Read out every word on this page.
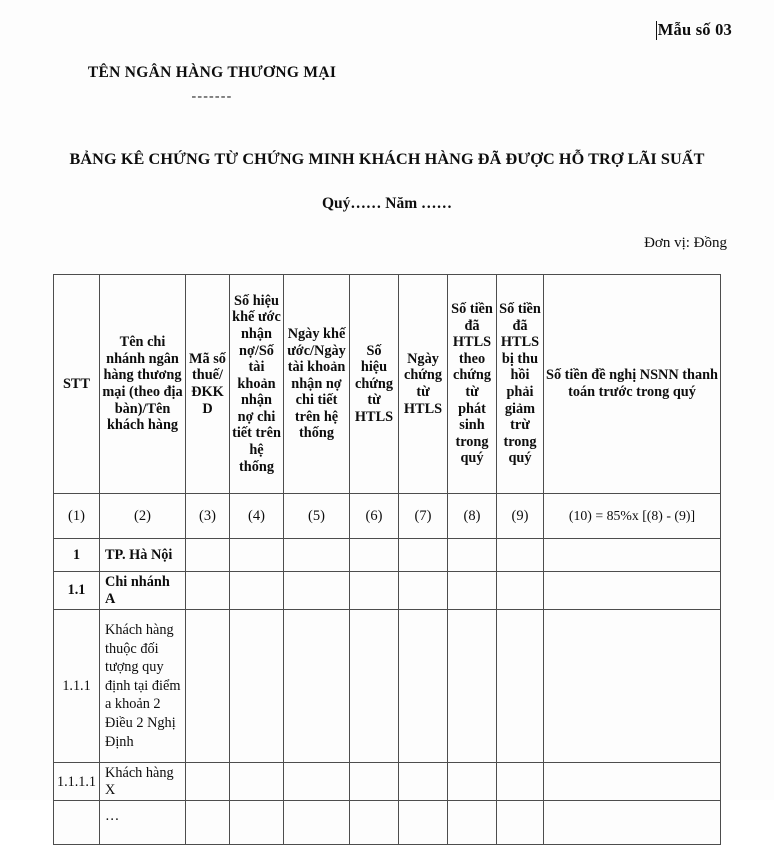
Mẫu số 03
TÊN NGÂN HÀNG THƯƠNG MẠI
-------
BẢNG KÊ CHỨNG TỪ CHỨNG MINH KHÁCH HÀNG ĐÃ ĐƯỢC HỖ TRỢ LÃI SUẤT
Quý…… Năm ……
Đơn vị: Đồng
STT	Tên chi nhánh ngân hàng thương mại (theo địa bàn)/Tên khách hàng	Mã số thuế/ĐKKD	Số hiệu khế ước nhận nợ/Số tài khoản nhận nợ chi tiết trên hệ thống	Ngày khế ước/Ngày tài khoản nhận nợ chi tiết trên hệ thống	Số hiệu chứng từ HTLS	Ngày chứng từ HTLS	Số tiền đã HTLS theo chứng từ phát sinh trong quý	Số tiền đã HTLS bị thu hồi phải giảm trừ trong quý	Số tiền đề nghị NSNN thanh toán trước trong quý
(1)	(2)	(3)	(4)	(5)	(6)	(7)	(8)	(9)	(10) = 85%x [(8) - (9)]
1	TP. Hà Nội								
1.1	Chi nhánh A								
1.1.1	Khách hàng thuộc đối tượng quy định tại điểm a khoản 2 Điều 2 Nghị Định								
1.1.1.1	Khách hàng X								
	…								
